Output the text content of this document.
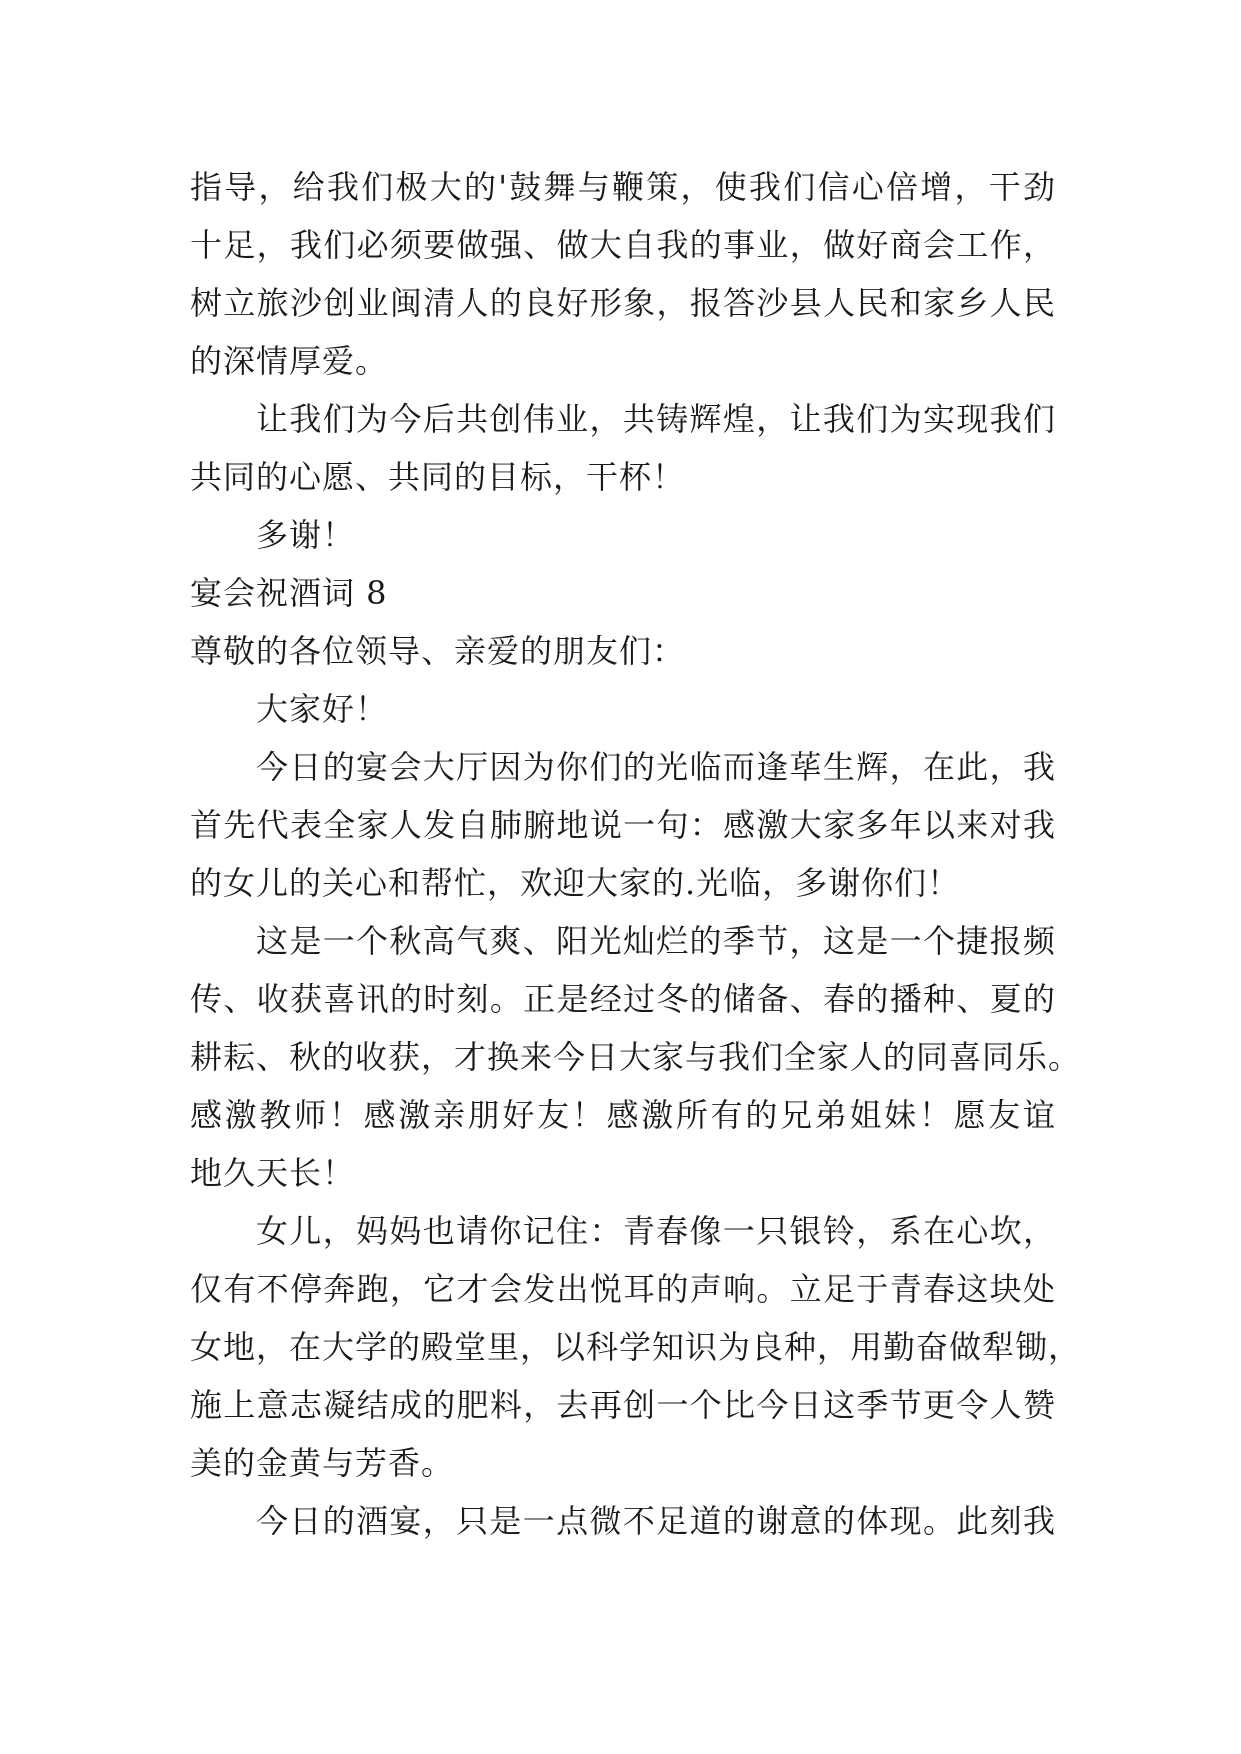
指导，给我们极大的'鼓舞与鞭策，使我们信心倍增，干劲
十足，我们必须要做强、做大自我的事业，做好商会工作，
树立旅沙创业闽清人的良好形象，报答沙县人民和家乡人民
的深情厚爱。
让我们为今后共创伟业，共铸辉煌，让我们为实现我们
共同的心愿、共同的目标，干杯！
多谢！
宴会祝酒词 8
尊敬的各位领导、亲爱的朋友们：
大家好！
今日的宴会大厅因为你们的光临而逢荜生辉，在此，我
首先代表全家人发自肺腑地说一句：感激大家多年以来对我
的女儿的关心和帮忙，欢迎大家的.光临，多谢你们！
这是一个秋高气爽、阳光灿烂的季节，这是一个捷报频
传、收获喜讯的时刻。正是经过冬的储备、春的播种、夏的
耕耘、秋的收获，才换来今日大家与我们全家人的同喜同乐。
感激教师！感激亲朋好友！感激所有的兄弟姐妹！愿友谊
地久天长！
女儿，妈妈也请你记住：青春像一只银铃，系在心坎，
仅有不停奔跑，它才会发出悦耳的声响。立足于青春这块处
女地，在大学的殿堂里，以科学知识为良种，用勤奋做犁锄，
施上意志凝结成的肥料，去再创一个比今日这季节更令人赞
美的金黄与芳香。
今日的酒宴，只是一点微不足道的谢意的体现。此刻我
